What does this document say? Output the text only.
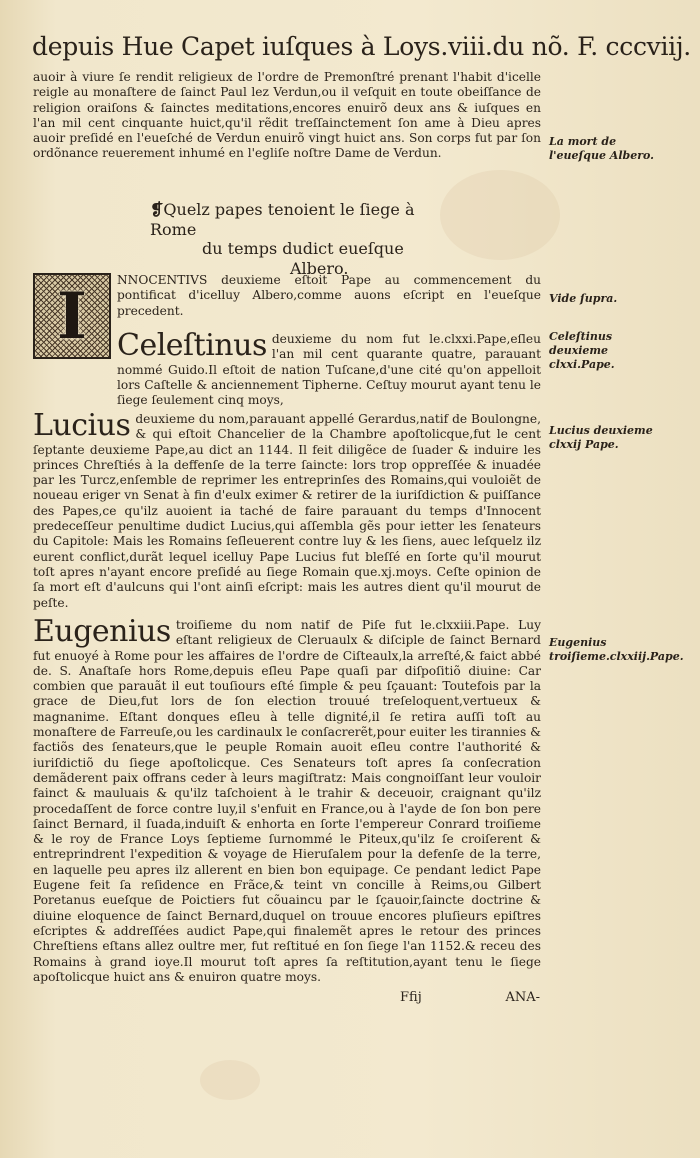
depuis Hue Capet iuſques à Loys.viii.du nõ. F. cccviij.

auoir à viure ſe rendit religieux de l'ordre de Premonſtré prenant l'habit d'icelle reigle au monaſtere de ſainct Paul lez Verdun,ou il veſquit en toute obeiſſance de religion oraiſons & ſainctes meditations,encores enuirõ deux ans & iuſques en l'an mil cent cinquante huict,qu'il rẽdit treſſainctement ſon ame à Dieu apres auoir preſidé en l'eueſché de Verdun enuirõ vingt huict ans. Son corps fut par ſon ordõnance reuerement inhumé en l'egliſe noſtre Dame de Verdun.

La mort de l'eueſque Albero.
❡Quelz papes tenoient le ſiege à Rome
du temps dudict eueſque
Albero.
I	NNOCENTIVS deuxieme eſtoit Pape au commencement du pontificat d'icelluy Albero,comme auons eſcript en l'eueſque precedent.

Vide ſupra.
Celeſtinus deuxieme du nom fut le.clxxi.Pape,eſleu l'an mil cent quarante quatre, parauant nommé Guido.Il eſtoit de nation Tuſcane,d'une cité qu'on appelloit lors Caſtelle & anciennement Tipherne. Ceſtuy mourut ayant tenu le ſiege ſeulement cinq moys,

Celeſtinus deuxieme clxxi.Pape.
Lucius deuxieme du nom,parauant appellé Gerardus,natif de Boulongne, & qui eſtoit Chancelier de la Chambre apoſtolicque,fut le cent ſeptante deuxieme Pape,au dict an 1144. Il feit diligẽce de ſuader & induire les princes Chreſtiés à la deffenſe de la terre ſaincte: lors trop oppreſſée & inuadée par les Turcz,enſemble de reprimer les entreprinſes des Romains,qui vouloiẽt de noueau eriger vn Senat à fin d'eulx eximer & retirer de la iuriſdiction & puiſſance des Papes,ce qu'ilz auoient ia taché de faire parauant du temps d'Innocent predeceſſeur penultime dudict Lucius,qui aſſembla gẽs pour ietter les ſenateurs du Capitole: Mais les Romains ſeſleuerent contre luy & les ſiens, auec leſquelz ilz eurent conflict,durãt lequel icelluy Pape Lucius fut bleſſé en ſorte qu'il mourut toſt apres n'ayant encore preſidé au ſiege Romain que.xj.moys. Ceſte opinion de ſa mort eſt d'aulcuns qui l'ont ainſi eſcript: mais les autres dient qu'il mourut de peſte.

Lucius deuxieme clxxij Pape.
Eugenius troiſieme du nom natif de Piſe fut le.clxxiii.Pape. Luy eſtant religieux de Cleruaulx & diſciple de ſainct Bernard fut enuoyé à Rome pour les affaires de l'ordre de Ciſteaulx,la arreſté,& faict abbé de. S. Anaſtaſe hors Rome,depuis eſleu Pape quaſi par diſpoſitiõ diuine: Car combien que parauãt il eut touſiours eſté ſimple & peu ſçauant: Toutefois par la grace de Dieu,fut lors de ſon election trouué treſeloquent,vertueux & magnanime. Eſtant donques eſleu à telle dignité,il ſe retira auſſi toſt au monaſtere de Farreuſe,ou les cardinaulx le conſacrerẽt,pour euiter les tirannies & factiõs des ſenateurs,que le peuple Romain auoit eſleu contre l'authorité & iuriſdictiõ du ſiege apoſtolicque. Ces Senateurs toſt apres ſa conſecration demãderent paix offrans ceder à leurs magiſtratz: Mais congnoiſſant leur vouloir fainct & mauluais & qu'ilz taſchoient à le trahir & deceuoir, craignant qu'ilz procedaſſent de force contre luy,il s'enfuit en France,ou à l'ayde de ſon bon pere ſainct Bernard, il ſuada,induiſt & enhorta en ſorte l'empereur Conrard troiſieme & le roy de France Loys ſeptieme ſurnommé le Piteux,qu'ilz ſe croiſerent & entreprindrent l'expedition & voyage de Hieruſalem pour la defenſe de la terre, en laquelle peu apres ilz allerent en bien bon equipage. Ce pendant ledict Pape Eugene feit ſa reſidence en Frãce,& teint vn concille à Reims,ou Gilbert Poretanus eueſque de Poictiers fut cõuaincu par le ſçauoir,ſaincte doctrine & diuine eloquence de ſainct Bernard,duquel on trouue encores pluſieurs epiſtres eſcriptes & addreſſées audict Pape,qui finalemẽt apres le retour des princes Chreſtiens eſtans allez oultre mer, fut reſtitué en ſon ſiege l'an 1152.& receu des Romains à grand ioye.Il mourut toſt apres ſa reſtitution,ayant tenu le ſiege apoſtolicque huict ans & enuiron quatre moys.

Eugenius troiſieme.clxxiij.Pape.
Ffij	ANA-
